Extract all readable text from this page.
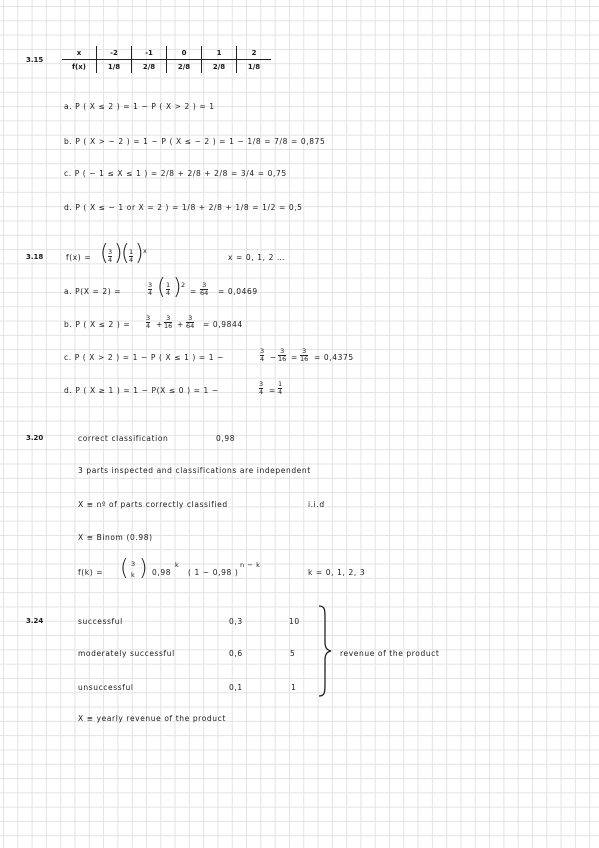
3.15
x	-2	-1	0	1	2
f(x)	1/8	2/8	2/8	2/8	1/8
a. P ( X ≤ 2 ) = 1 − P ( X > 2 ) = 1
b. P ( X > − 2 ) = 1 − P ( X ≤ − 2 ) = 1 − 1/8 = 7/8 = 0,875
c. P ( − 1 ≤ X ≤ 1 ) = 2/8 + 2/8 + 2/8 = 3/4 = 0,75
d. P ( X ≤ − 1 or X = 2 ) = 1/8 + 2/8 + 1/8 = 1/2 = 0,5
3.18	f(x) = ( 3
4 )
( 1
4 ) x
x = 0, 1, 2 …
a. P(X = 2) =
3
4 ( 1
4 ) 2
=
3
64 = 0,0469
b. P ( X ≤ 2 ) =
3
4 +
3
16 +
3
64 = 0,9844
c. P ( X > 2 ) = 1 − P ( X ≤ 1 ) = 1 −
3
4 −
3
16 =
3
16 = 0,4375
d. P ( X ≥ 1 ) = 1 − P(X ≤ 0 ) = 1 −
3
4 =
1
4
3.20	correct classification	0,98
3 parts inspected and classifications are independent
X ≡ nº of parts correctly classified	i.i.d
X ≡ Binom (0.98)
f(k) = ( 3
k ) 0,98
k
( 1 − 0,98 )
n − k
k = 0, 1, 2, 3
3.24	successful	0,3	10
moderately successful	0,6	5
unsuccessful	0,1	1
revenue of the product
X ≡ yearly revenue of the product
